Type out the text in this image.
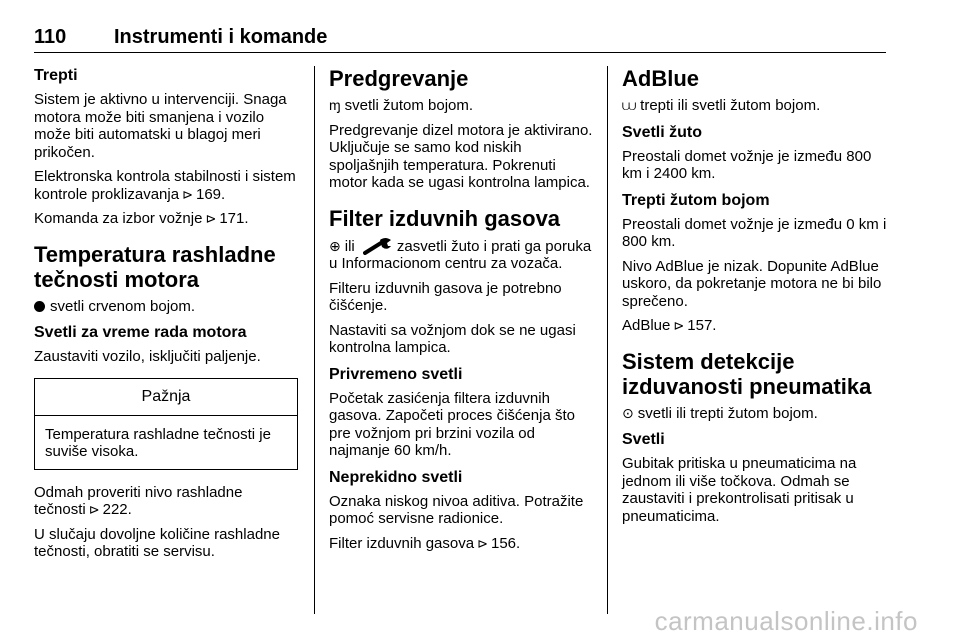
110 Instrumenti i komande
Trepti

Sistem je aktivno u intervenciji. Snaga motora može biti smanjena i vozilo može biti automatski u blagoj meri prikočen.

Elektronska kontrola stabilnosti i sistem kontrole proklizavanja ⊳ 169.

Komanda za izbor vožnje ⊳ 171.

Temperatura rashladne tečnosti motora

svetli crvenom bojom.

Svetli za vreme rada motora

Zaustaviti vozilo, isključiti paljenje.

Pažnja
Temperatura rashladne tečnosti je suviše visoka.

Odmah proveriti nivo rashladne tečnosti ⊳ 222.

U slučaju dovoljne količine rashladne tečnosti, obratiti se servisu.

Predgrevanje

ɱ svetli žutom bojom.

Predgrevanje dizel motora je aktivirano. Uključuje se samo kod niskih spoljašnjih temperatura. Pokrenuti motor kada se ugasi kontrolna lampica.

Filter izduvnih gasova

⊕ ili	zasvetli žuto i prati ga poruka u Informacionom centru za vozača.

Filteru izduvnih gasova je potrebno čišćenje.

Nastaviti sa vožnjom dok se ne ugasi kontrolna lampica.

Privremeno svetli

Početak zasićenja filtera izduvnih gasova. Započeti proces čišćenja što pre vožnjom pri brzini vozila od najmanje 60 km/h.

Neprekidno svetli

Oznaka niskog nivoa aditiva. Potražite pomoć servisne radionice.

Filter izduvnih gasova ⊳ 156.

AdBlue

⩊ trepti ili svetli žutom bojom.

Svetli žuto

Preostali domet vožnje je između 800 km i 2400 km.

Trepti žutom bojom

Preostali domet vožnje je između 0 km i 800 km.

Nivo AdBlue je nizak. Dopunite AdBlue uskoro, da pokretanje motora ne bi bilo sprečeno.

AdBlue ⊳ 157.

Sistem detekcije izduvanosti pneumatika

⊙ svetli ili trepti žutom bojom.

Svetli

Gubitak pritiska u pneumaticima na jednom ili više točkova. Odmah se zaustaviti i prekontrolisati pritisak u pneumaticima.

carmanualsonline.info
